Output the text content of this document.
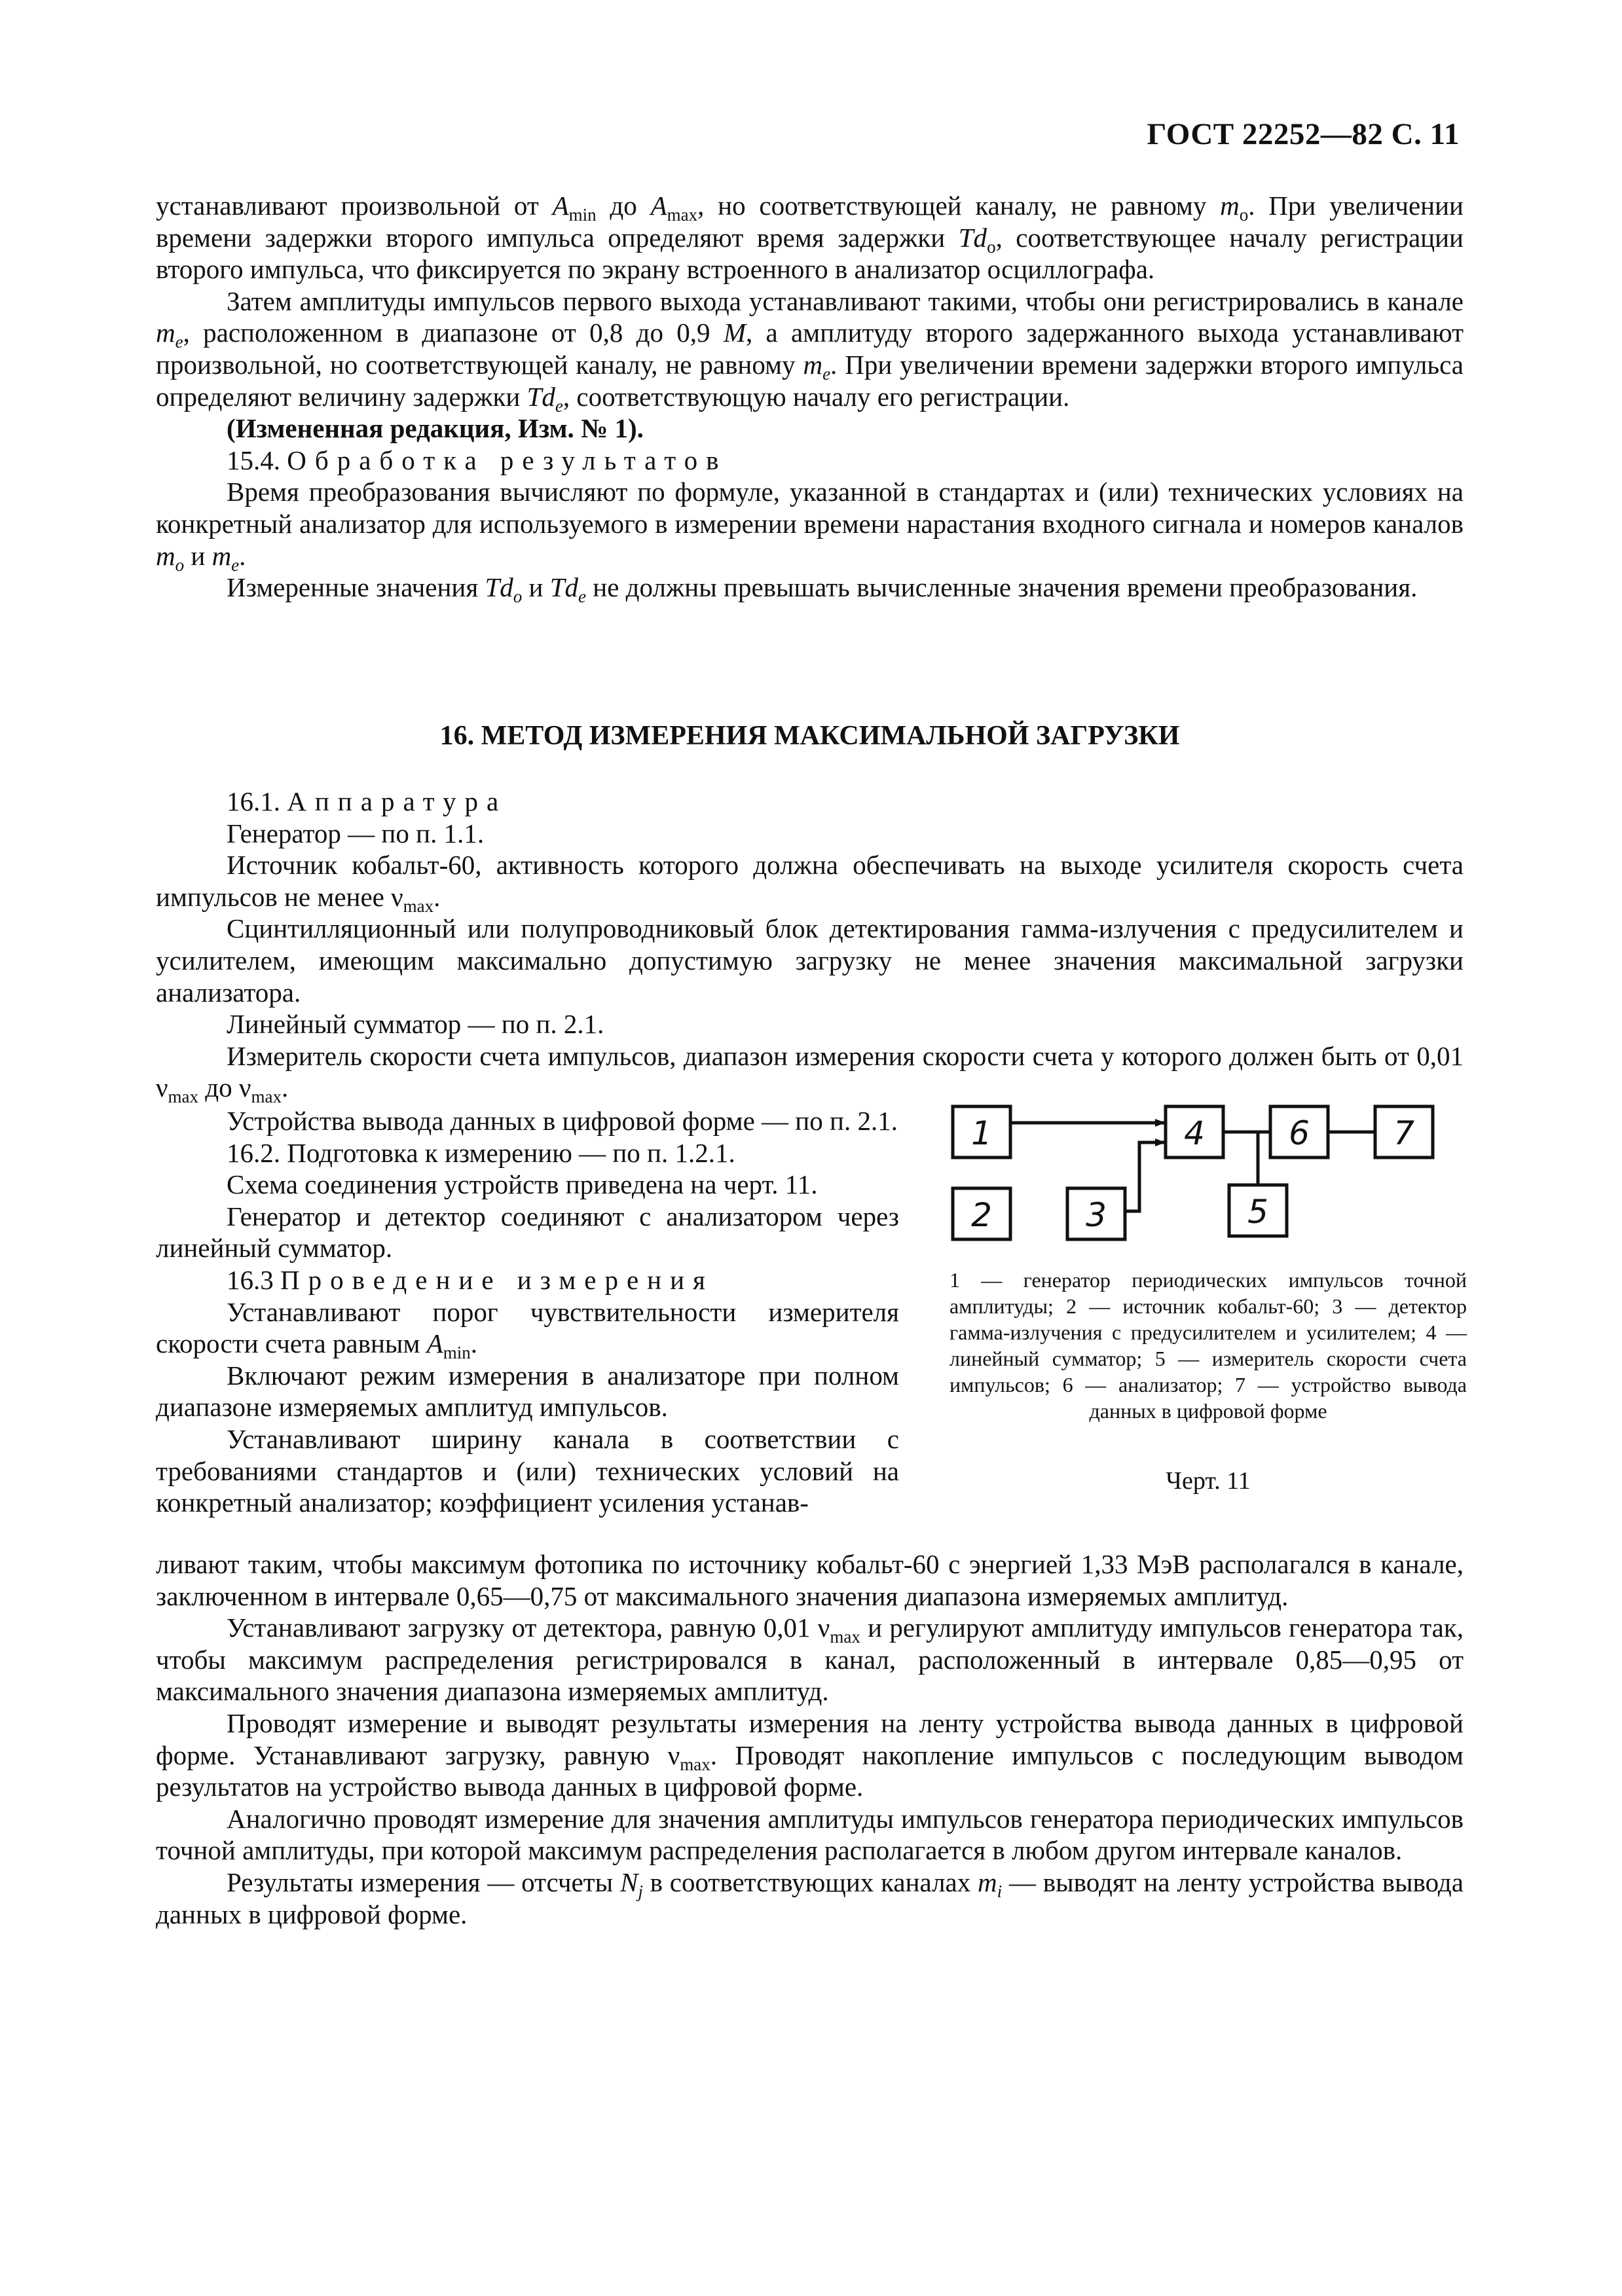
ГОСТ 22252—82 С. 11

устанавливают произвольной от $A_{min}$ до $A_{max}$, но соответствующей каналу, не равному $m_o$. При увеличении времени задержки второго импульса определяют время задержки $Td_o$, соответствующее началу регистрации второго импульса, что фиксируется по экрану встроенного в анализатор осциллографа.

Затем амплитуды импульсов первого выхода устанавливают такими, чтобы они регистрировались в канале $m_e$, расположенном в диапазоне от 0,8 до 0,9 M, а амплитуду второго задержанного выхода устанавливают произвольной, но соответствующей каналу, не равному $m_e$. При увеличении времени задержки второго импульса определяют величину задержки $Td_e$, соответствующую началу его регистрации.

(Измененная редакция, Изм. № 1).

15.4. Обработка результатов

Время преобразования вычисляют по формуле, указанной в стандартах и (или) технических условиях на конкретный анализатор для используемого в измерении времени нарастания входного сигнала и номеров каналов $m_o$ и $m_e$.

Измеренные значения $Td_o$ и $Td_e$ не должны превышать вычисленные значения времени преобразования.

16. МЕТОД ИЗМЕРЕНИЯ МАКСИМАЛЬНОЙ ЗАГРУЗКИ

16.1. Аппаратура

Генератор — по п. 1.1.

Источник кобальт-60, активность которого должна обеспечивать на выходе усилителя скорость счета импульсов не менее $\nu_{max}$.

Сцинтилляционный или полупроводниковый блок детектирования гамма-излучения с предусилителем и усилителем, имеющим максимально допустимую загрузку не менее значения максимальной загрузки анализатора.

Линейный сумматор — по п. 2.1.

Измеритель скорости счета импульсов, диапазон измерения скорости счета у которого должен быть от 0,01 $\nu_{max}$ до $\nu_{max}$.

Устройства вывода данных в цифровой форме — по п. 2.1.

16.2. Подготовка к измерению — по п. 1.2.1.

Схема соединения устройств приведена на черт. 11.

Генератор и детектор соединяют с анализатором через линейный сумматор.

16.3 Проведение измерения

Устанавливают порог чувствительности измерителя скорости счета равным $A_{min}$.

Включают режим измерения в анализаторе при полном диапазоне измеряемых амплитуд импульсов.

Устанавливают ширину канала в соответствии с требованиями стандартов и (или) технических условий на конкретный анализатор; коэффициент усиления устанав-

1
2	3
4
5
6	7
1 — генератор периодических импульсов точной амплитуды; 2 — источник кобальт-60; 3 — детектор гамма-излучения с предусилителем и усилителем; 4 — линейный сумматор; 5 — измеритель скорости счета импульсов; 6 — анализатор; 7 — устройство вывода данных в цифровой форме
Черт. 11

ливают таким, чтобы максимум фотопика по источнику кобальт-60 с энергией 1,33 МэВ располагался в канале, заключенном в интервале 0,65—0,75 от максимального значения диапазона измеряемых амплитуд.

Устанавливают загрузку от детектора, равную 0,01 $\nu_{max}$ и регулируют амплитуду импульсов генератора так, чтобы максимум распределения регистрировался в канал, расположенный в интервале 0,85—0,95 от максимального значения диапазона измеряемых амплитуд.

Проводят измерение и выводят результаты измерения на ленту устройства вывода данных в цифровой форме. Устанавливают загрузку, равную $\nu_{max}$. Проводят накопление импульсов с последующим выводом результатов на устройство вывода данных в цифровой форме.

Аналогично проводят измерение для значения амплитуды импульсов генератора периодических импульсов точной амплитуды, при которой максимум распределения располагается в любом другом интервале каналов.

Результаты измерения — отсчеты $N_j$ в соответствующих каналах $m_i$ — выводят на ленту устройства вывода данных в цифровой форме.
